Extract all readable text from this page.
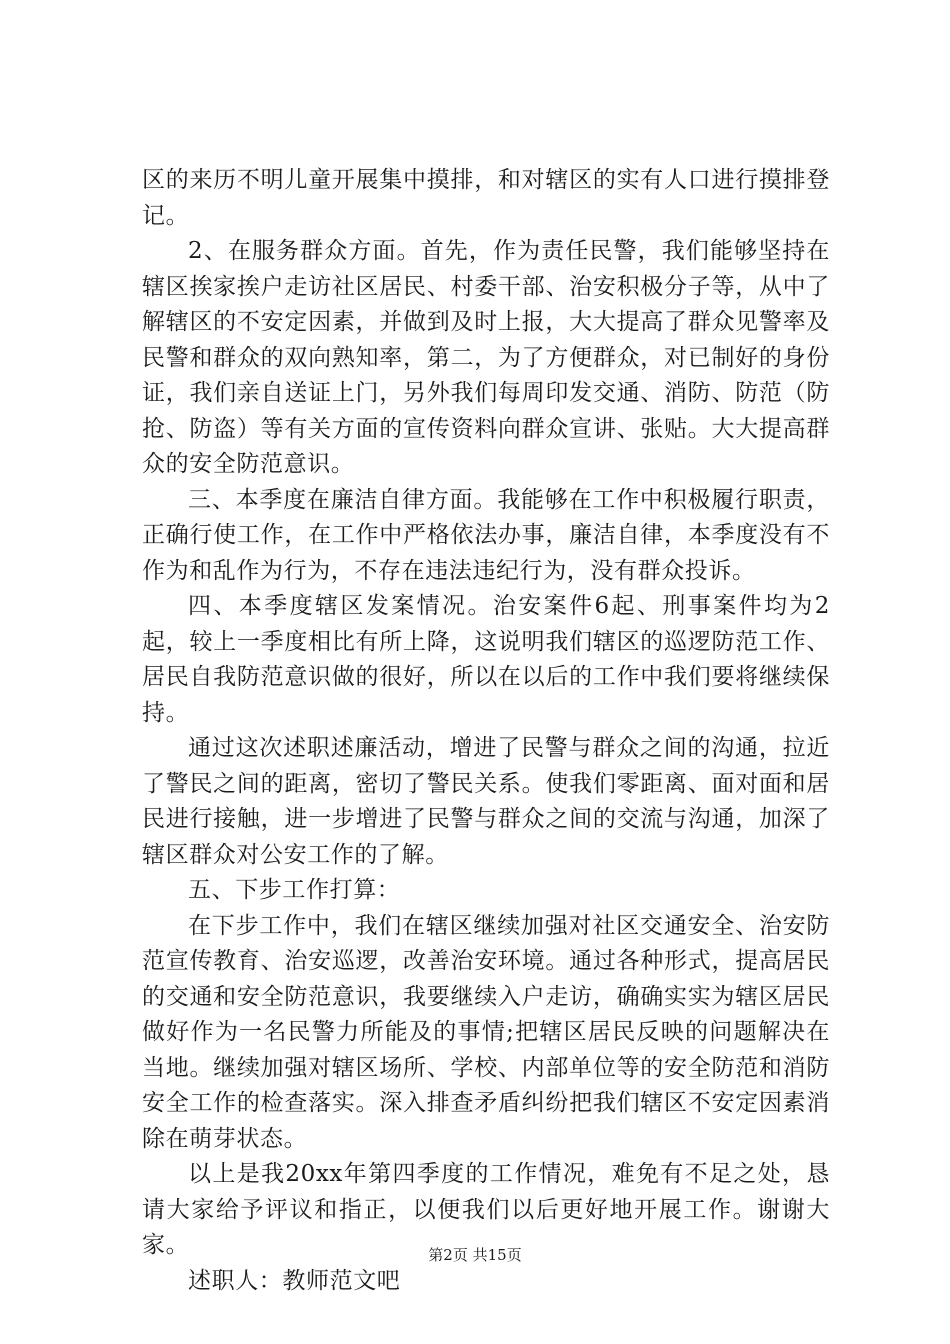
区的来历不明儿童开展集中摸排，和对辖区的实有人口进行摸排登记。

2、在服务群众方面。首先，作为责任民警，我们能够坚持在辖区挨家挨户走访社区居民、村委干部、治安积极分子等，从中了解辖区的不安定因素，并做到及时上报，大大提高了群众见警率及民警和群众的双向熟知率，第二，为了方便群众，对已制好的身份证，我们亲自送证上门，另外我们每周印发交通、消防、防范（防抢、防盗）等有关方面的宣传资料向群众宣讲、张贴。大大提高群众的安全防范意识。

三、本季度在廉洁自律方面。我能够在工作中积极履行职责，正确行使工作，在工作中严格依法办事，廉洁自律，本季度没有不作为和乱作为行为，不存在违法违纪行为，没有群众投诉。

四、本季度辖区发案情况。治安案件6起、刑事案件均为2起，较上一季度相比有所上降，这说明我们辖区的巡逻防范工作、居民自我防范意识做的很好，所以在以后的工作中我们要将继续保持。

通过这次述职述廉活动，增进了民警与群众之间的沟通，拉近了警民之间的距离，密切了警民关系。使我们零距离、面对面和居民进行接触，进一步增进了民警与群众之间的交流与沟通，加深了辖区群众对公安工作的了解。

五、下步工作打算：

在下步工作中，我们在辖区继续加强对社区交通安全、治安防范宣传教育、治安巡逻，改善治安环境。通过各种形式，提高居民的交通和安全防范意识，我要继续入户走访，确确实实为辖区居民做好作为一名民警力所能及的事情;把辖区居民反映的问题解决在当地。继续加强对辖区场所、学校、内部单位等的安全防范和消防安全工作的检查落实。深入排查矛盾纠纷把我们辖区不安定因素消除在萌芽状态。

以上是我20xx年第四季度的工作情况，难免有不足之处，恳请大家给予评议和指正，以便我们以后更好地开展工作。谢谢大家。

述职人：教师范文吧

第2页 共15页
